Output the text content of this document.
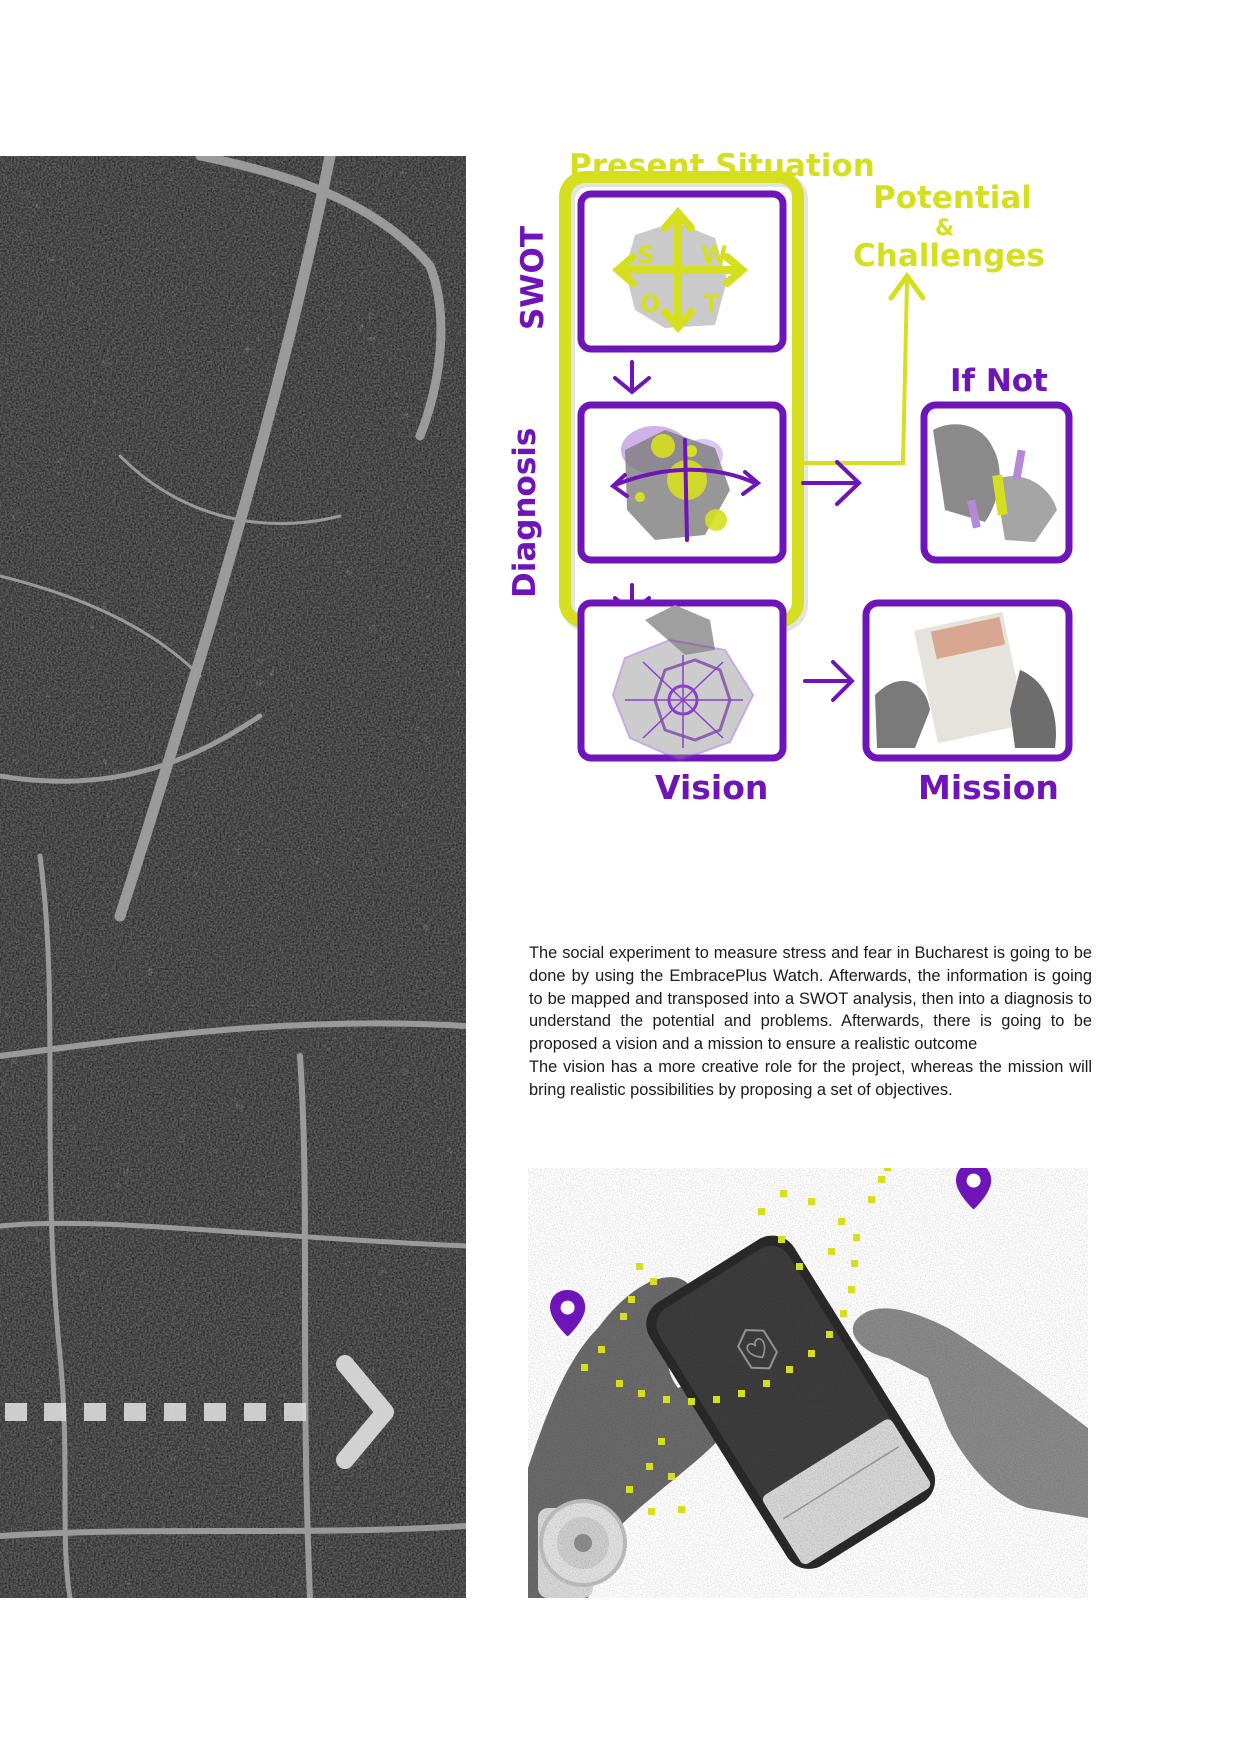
Present Situation
Potential
&
Challenges
SWOT
Diagnosis
If Not
Vision	Mission
S W
O T

The social experiment to measure stress and fear in Bucharest is going to be done by using the EmbracePlus Watch. Afterwards, the information is going to be mapped and transposed into a SWOT analysis, then into a diagnosis to understand the potential and problems. Afterwards, there is going to be proposed a vision and a mission to ensure a realistic outcome

The vision has a more creative role for the project, whereas the mission will bring realistic possibilities by proposing a set of objectives.
